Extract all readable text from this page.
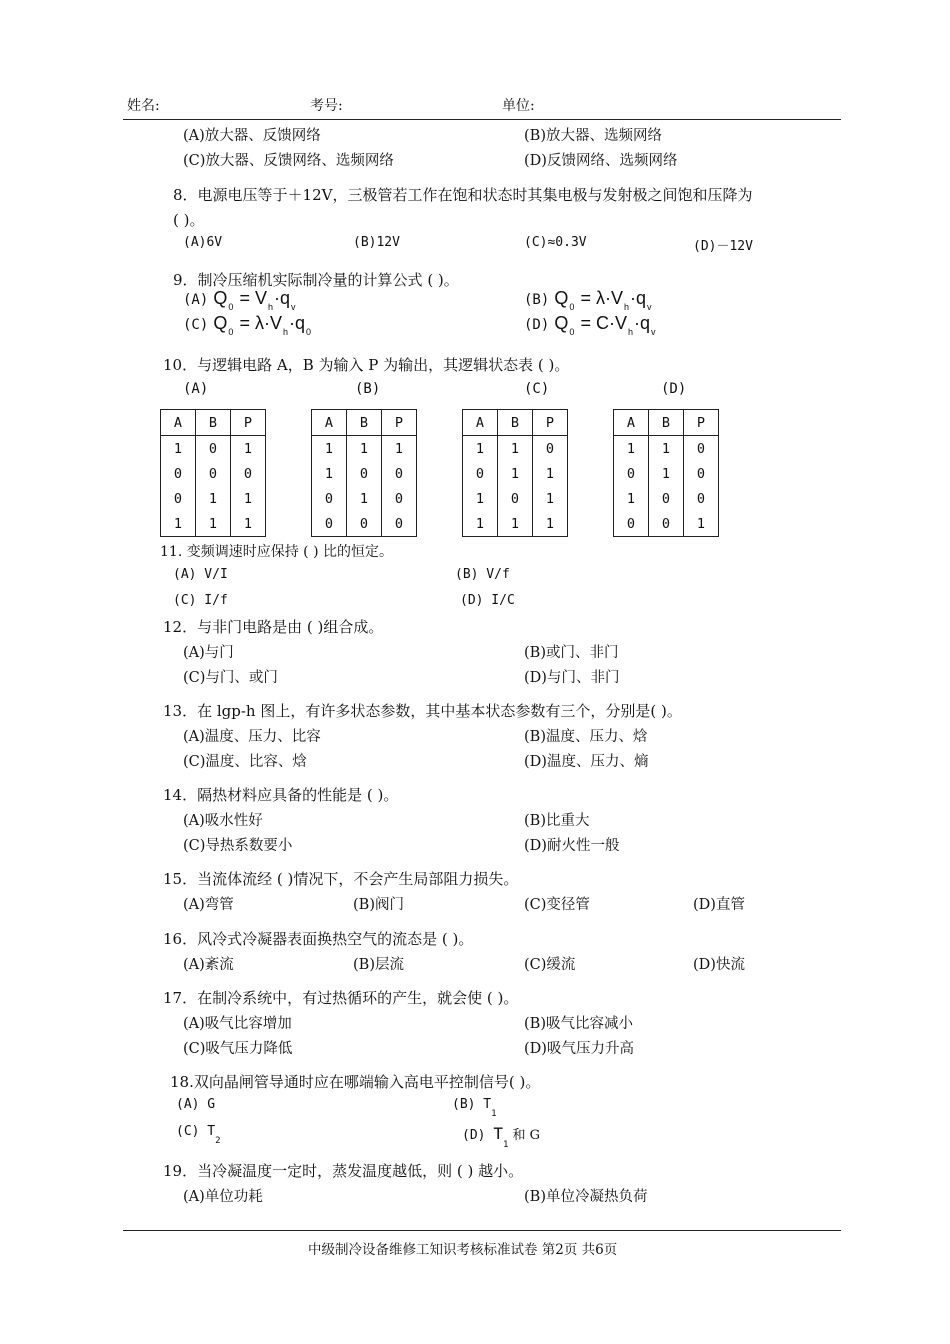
姓名:	考号:	单位:
(A)放大器、反馈网络	(B)放大器、选频网络
(C)放大器、反馈网络、选频网络	(D)反馈网络、选频网络
8．电源电压等于＋12V，三极管若工作在饱和状态时其集电极与发射极之间饱和压降为
( )。
(A)6V	(B)12V	(C)≈0.3V	(D)－12V
9．制冷压缩机实际制冷量的计算公式 ( )。
(A) $Q_0 = V_h\cdot q_v$	(B) $Q_0 = \lambda\cdot V_h\cdot q_v$
(C) $Q_0 = \lambda\cdot V_h\cdot q_0$	(D) $Q_0 = C\cdot V_h\cdot q_v$
10．与逻辑电路 A，B 为输入 P 为输出，其逻辑状态表 ( )。
(A)	(B)	(C)	(D)
A	B	P
1	0	1
0	0	0
0	1	1
1	1	1
A	B	P
1	1	1
1	0	0
0	1	0
0	0	0
A	B	P
1	1	0
0	1	1
1	0	1
1	1	1
A	B	P
1	1	0
0	1	0
1	0	0
0	0	1
11. 变频调速时应保持 ( ) 比的恒定。
(A) V/I	(B) V/f
(C) I/f	(D) I/C
12．与非门电路是由 ( )组合成。
(A)与门	(B)或门、非门
(C)与门、或门	(D)与门、非门
13．在 lgp-h 图上，有许多状态参数，其中基本状态参数有三个，分别是( )。
(A)温度、压力、比容	(B)温度、压力、焓
(C)温度、比容、焓	(D)温度、压力、熵
14．隔热材料应具备的性能是 ( )。
(A)吸水性好	(B)比重大
(C)导热系数要小	(D)耐火性一般
15．当流体流经 ( )情况下，不会产生局部阻力损失。
(A)弯管	(B)阀门	(C)变径管	(D)直管
16．风冷式冷凝器表面换热空气的流态是 ( )。
(A)紊流	(B)层流	(C)缓流	(D)快流
17．在制冷系统中，有过热循环的产生，就会使 ( )。
(A)吸气比容增加	(B)吸气比容减小
(C)吸气压力降低	(D)吸气压力升高
18.双向晶闸管导通时应在哪端输入高电平控制信号( )。
(A) G	(B) $T_1$
(C) $T_2$	(D) $T_1$ 和 G
19．当冷凝温度一定时，蒸发温度越低，则 ( ) 越小。
(A)单位功耗	(B)单位冷凝热负荷
中级制冷设备维修工知识考核标准试卷 第2页 共6页
